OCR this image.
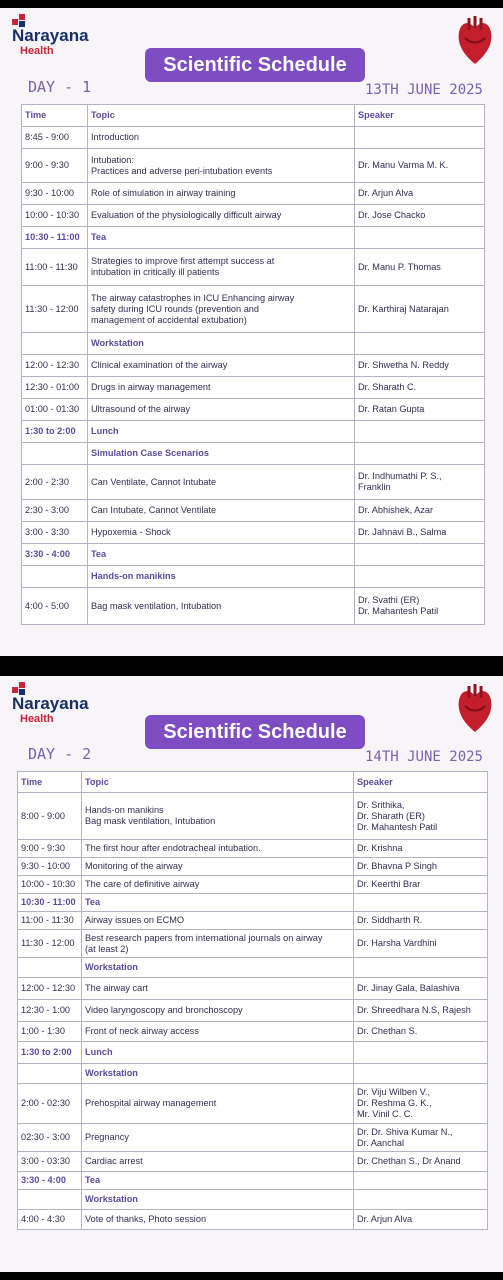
Narayana
Health
Scientific Schedule
DAY - 1	13TH JUNE 2025
Time	Topic	Speaker
8:45 - 9:00	Introduction	
9:00 - 9:30	Intubation:
Practices and adverse peri-intubation events	Dr. Manu Varma M. K.
9:30 - 10:00	Role of simulation in airway training	Dr. Arjun Alva
10:00 - 10:30	Evaluation of the physiologically difficult airway	Dr. Jose Chacko
10:30 - 11:00	Tea	
11:00 - 11:30	Strategies to improve first attempt success at
intubation in critically ill patients	Dr. Manu P. Thomas
11:30 - 12:00	The airway catastrophes in ICU Enhancing airway
safety during ICU rounds (prevention and
management of accidental extubation)	Dr. Karthiraj Natarajan
	Workstation	
12:00 - 12:30	Clinical examination of the airway	Dr. Shwetha N. Reddy
12:30 - 01:00	Drugs in airway management	Dr. Sharath C.
01:00 - 01:30	Ultrasound of the airway	Dr. Ratan Gupta
1:30 to 2:00	Lunch	
	Simulation Case Scenarios	
2:00 - 2:30	Can Ventilate, Cannot Intubate	Dr. Indhumathi P. S.,
Franklin
2:30 - 3:00	Can Intubate, Cannot Ventilate	Dr. Abhishek, Azar
3:00 - 3:30	Hypoxemia - Shock	Dr. Jahnavi B., Salma
3:30 - 4:00	Tea	
	Hands-on manikins	
4:00 - 5:00	Bag mask ventilation, Intubation	Dr. Svathi (ER)
Dr. Mahantesh Patil
Narayana
Health
Scientific Schedule
DAY - 2	14TH JUNE 2025
Time	Topic	Speaker
8:00 - 9:00	Hands-on manikins
Bag mask ventilation, Intubation	Dr. Srithika,
Dr. Sharath (ER)
Dr. Mahantesh Patil
9:00 - 9:30	The first hour after endotracheal intubation.	Dr. Krishna
9:30 - 10:00	Monitoring of the airway	Dr. Bhavna P Singh
10:00 - 10:30	The care of definitive airway	Dr. Keerthi Brar
10:30 - 11:00	Tea	
11:00 - 11:30	Airway issues on ECMO	Dr. Siddharth R.
11:30 - 12:00	Best research papers from international journals on airway
(at least 2)	Dr. Harsha Vardhini
	Workstation	
12:00 - 12:30	The airway cart	Dr. Jinay Gala, Balashiva
12:30 - 1:00	Video laryngoscopy and bronchoscopy	Dr. Shreedhara N.S, Rajesh
1:00 - 1:30	Front of neck airway access	Dr. Chethan S.
1:30 to 2:00	Lunch	
	Workstation	
2:00 - 02:30	Prehospital airway management	Dr. Viju Wilben V.,
Dr. Reshma G. K.,
Mr. Vinil C. C.
02:30 - 3:00	Pregnancy	Dr. Dr. Shiva Kumar N.,
Dr. Aanchal
3:00 - 03:30	Cardiac arrest	Dr. Chethan S., Dr Anand
3:30 - 4:00	Tea	
	Workstation	
4:00 - 4:30	Vote of thanks, Photo session	Dr. Arjun Alva
